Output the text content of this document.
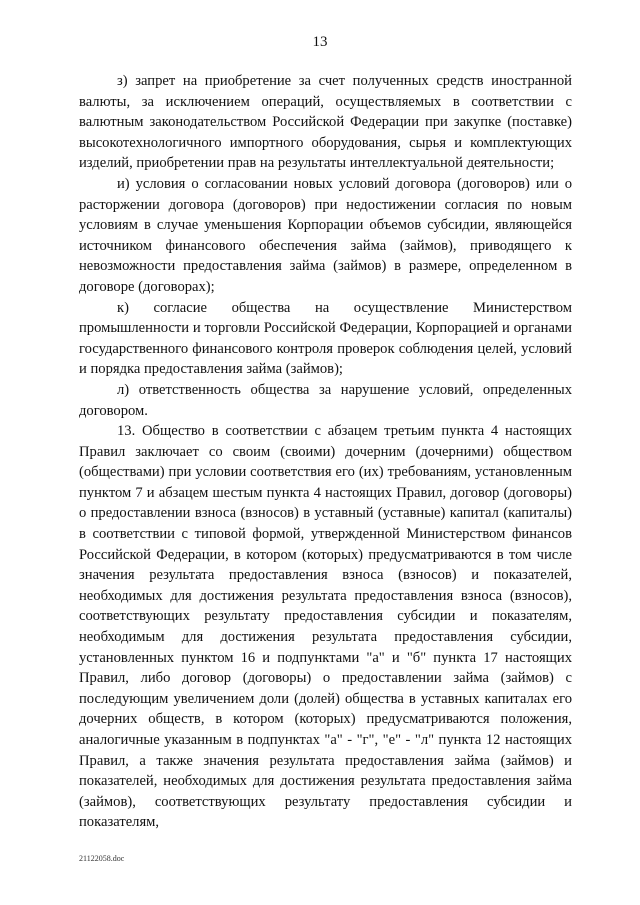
13

з) запрет на приобретение за счет полученных средств иностранной валюты, за исключением операций, осуществляемых в соответствии с валютным законодательством Российской Федерации при закупке (поставке) высокотехнологичного импортного оборудования, сырья и комплектующих изделий, приобретении прав на результаты интеллектуальной деятельности;

и) условия о согласовании новых условий договора (договоров) или о расторжении договора (договоров) при недостижении согласия по новым условиям в случае уменьшения Корпорации объемов субсидии, являющейся источником финансового обеспечения займа (займов), приводящего к невозможности предоставления займа (займов) в размере, определенном в договоре (договорах);

к) согласие общества на осуществление Министерством промышленности и торговли Российской Федерации, Корпорацией и органами государственного финансового контроля проверок соблюдения целей, условий и порядка предоставления займа (займов);

л) ответственность общества за нарушение условий, определенных договором.

13. Общество в соответствии с абзацем третьим пункта 4 настоящих Правил заключает со своим (своими) дочерним (дочерними) обществом (обществами) при условии соответствия его (их) требованиям, установленным пунктом 7 и абзацем шестым пункта 4 настоящих Правил, договор (договоры) о предоставлении взноса (взносов) в уставный (уставные) капитал (капиталы) в соответствии с типовой формой, утвержденной Министерством финансов Российской Федерации, в котором (которых) предусматриваются в том числе значения результата предоставления взноса (взносов) и показателей, необходимых для достижения результата предоставления взноса (взносов), соответствующих результату предоставления субсидии и показателям, необходимым для достижения результата предоставления субсидии, установленных пунктом 16 и подпунктами "а" и "б" пункта 17 настоящих Правил, либо договор (договоры) о предоставлении займа (займов) с последующим увеличением доли (долей) общества в уставных капиталах его дочерних обществ, в котором (которых) предусматриваются положения, аналогичные указанным в подпунктах "а" - "г", "е" - "л" пункта 12 настоящих Правил, а также значения результата предоставления займа (займов) и показателей, необходимых для достижения результата предоставления займа (займов), соответствующих результату предоставления субсидии и показателям,

21122058.doc
